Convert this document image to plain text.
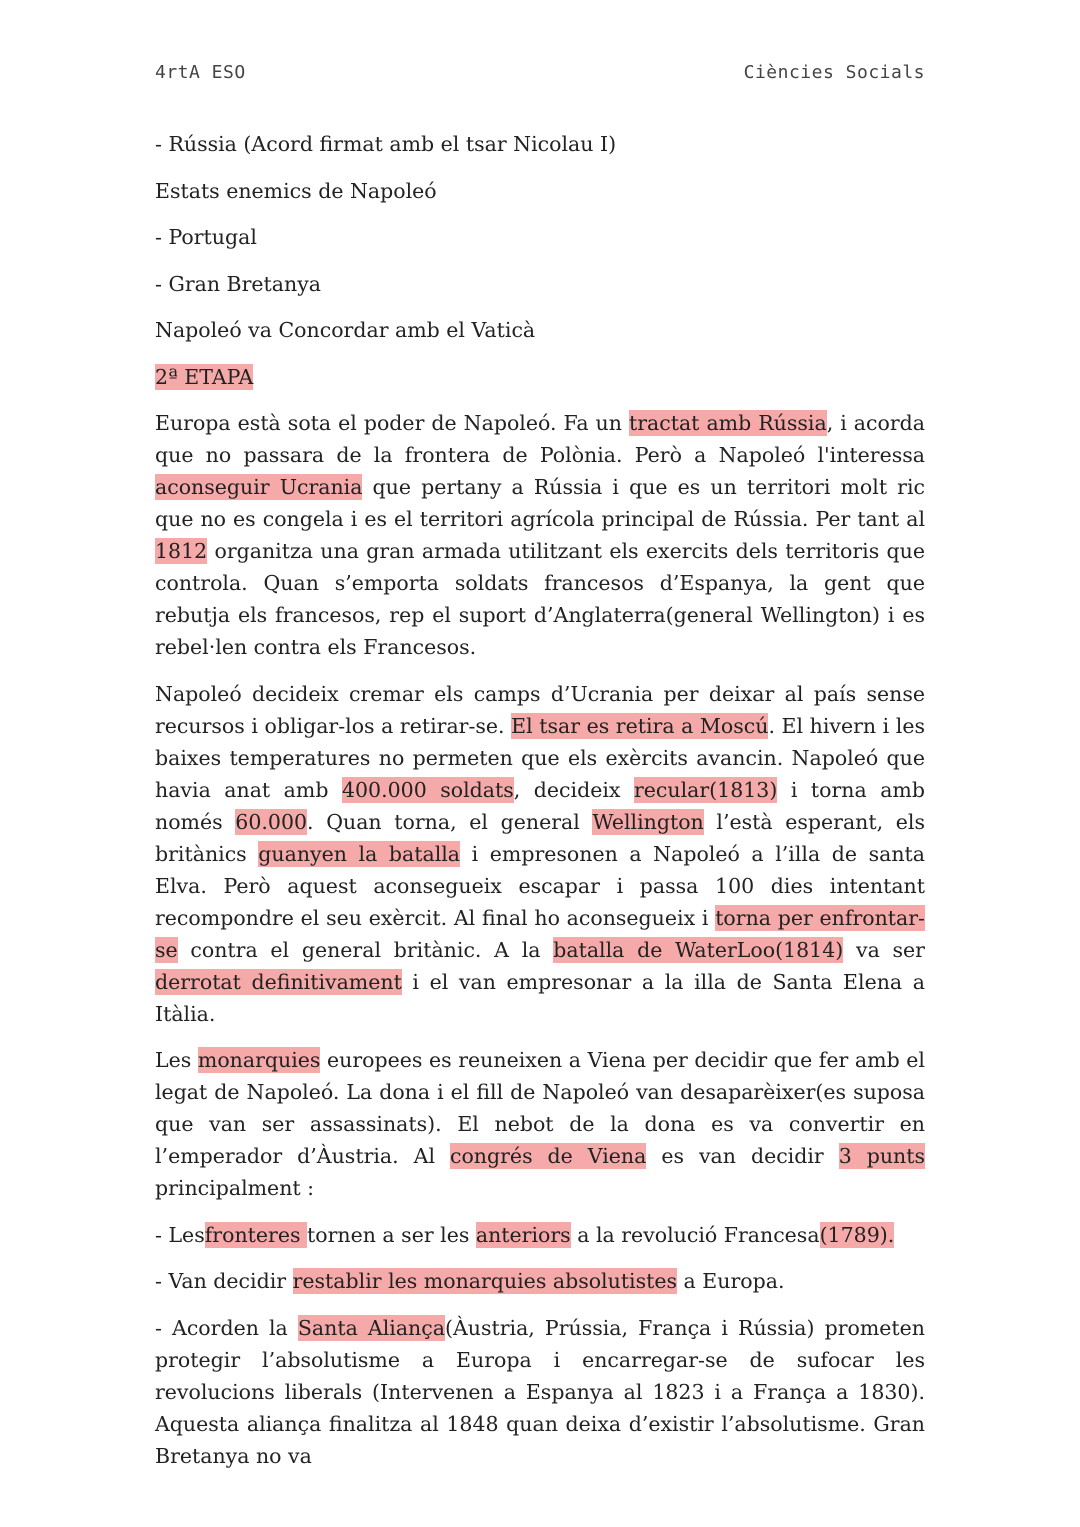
4rtA ESO	Ciències Socials

- Rússia (Acord firmat amb el tsar Nicolau I)

Estats enemics de Napoleó

- Portugal

- Gran Bretanya

Napoleó va Concordar amb el Vaticà

2ª ETAPA

Europa està sota el poder de Napoleó. Fa un tractat amb Rússia, i acorda que no passara de la frontera de Polònia. Però a Napoleó l'interessa aconseguir Ucrania que pertany a Rússia i que es un territori molt ric que no es congela i es el territori agrícola principal de Rússia. Per tant al 1812 organitza una gran armada utilitzant els exercits dels territoris que controla. Quan s’emporta soldats francesos d’Espanya, la gent que rebutja els francesos, rep el suport d’Anglaterra(general Wellington) i es rebel·len contra els Francesos.

Napoleó decideix cremar els camps d’Ucrania per deixar al país sense recursos i obligar-los a retirar-se. El tsar es retira a Moscú. El hivern i les baixes temperatures no permeten que els exèrcits avancin. Napoleó que havia anat amb 400.000 soldats, decideix recular(1813) i torna amb només 60.000. Quan torna, el general Wellington l’està esperant, els britànics guanyen la batalla i empresonen a Napoleó a l’illa de santa Elva. Però aquest aconsegueix escapar i passa 100 dies intentant recompondre el seu exèrcit. Al final ho aconsegueix i torna per enfrontar-se contra el general britànic. A la batalla de WaterLoo(1814) va ser derrotat definitivament i el van empresonar a la illa de Santa Elena a Itàlia.

Les monarquies europees es reuneixen a Viena per decidir que fer amb el legat de Napoleó. La dona i el fill de Napoleó van desaparèixer(es suposa que van ser assassinats). El nebot de la dona es va convertir en l’emperador d’Àustria. Al congrés de Viena es van decidir 3 punts principalment :

- Lesfronteres tornen a ser les anteriors a la revolució Francesa(1789).

- Van decidir restablir les monarquies absolutistes a Europa.

- Acorden la Santa Aliança(Àustria, Prússia, França i Rússia) prometen protegir l’absolutisme a Europa i encarregar-se de sufocar les revolucions liberals (Intervenen a Espanya al 1823 i a França a 1830). Aquesta aliança finalitza al 1848 quan deixa d’existir l’absolutisme. Gran Bretanya no va
